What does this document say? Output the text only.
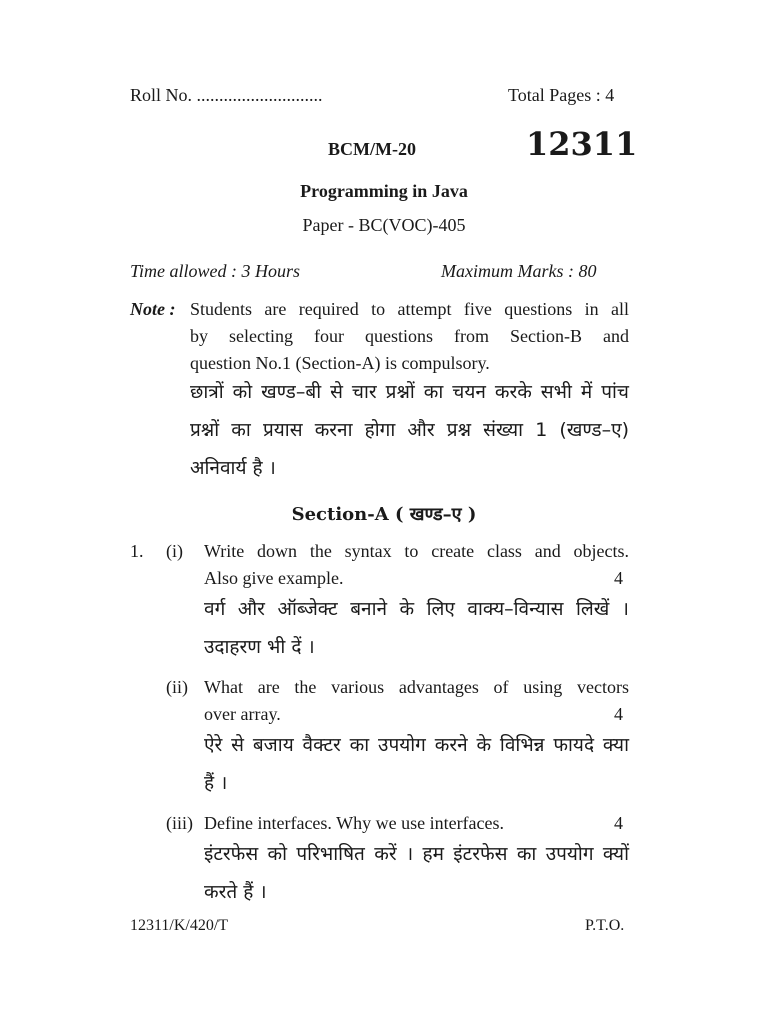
Roll No. ............................	Total Pages : 4
BCM/M-20	12311
Programming in Java
Paper - BC(VOC)-405
Time allowed : 3 Hours	Maximum Marks : 80
Note : Students are required to attempt five questions in all
by selecting four questions from Section-B and
question No.1 (Section-A) is compulsory.
छात्रों को खण्ड–बी से चार प्रश्नों का चयन करके सभी में पांच
प्रश्नों का प्रयास करना होगा और प्रश्न संख्या 1 (खण्ड–ए)
अनिवार्य है ।
Section-A ( खण्ड–ए )
1. (i) Write down the syntax to create class and objects.
Also give example.	4
वर्ग और ऑब्जेक्ट बनाने के लिए वाक्य–विन्यास लिखें ।
उदाहरण भी दें ।
(ii) What are the various advantages of using vectors
over array.	4
ऐरे से बजाय वैक्टर का उपयोग करने के विभिन्न फायदे क्या
हैं ।
(iii) Define interfaces. Why we use interfaces.	4
इंटरफेस को परिभाषित करें । हम इंटरफेस का उपयोग क्यों
करते हैं ।
12311/K/420/T	P.T.O.
